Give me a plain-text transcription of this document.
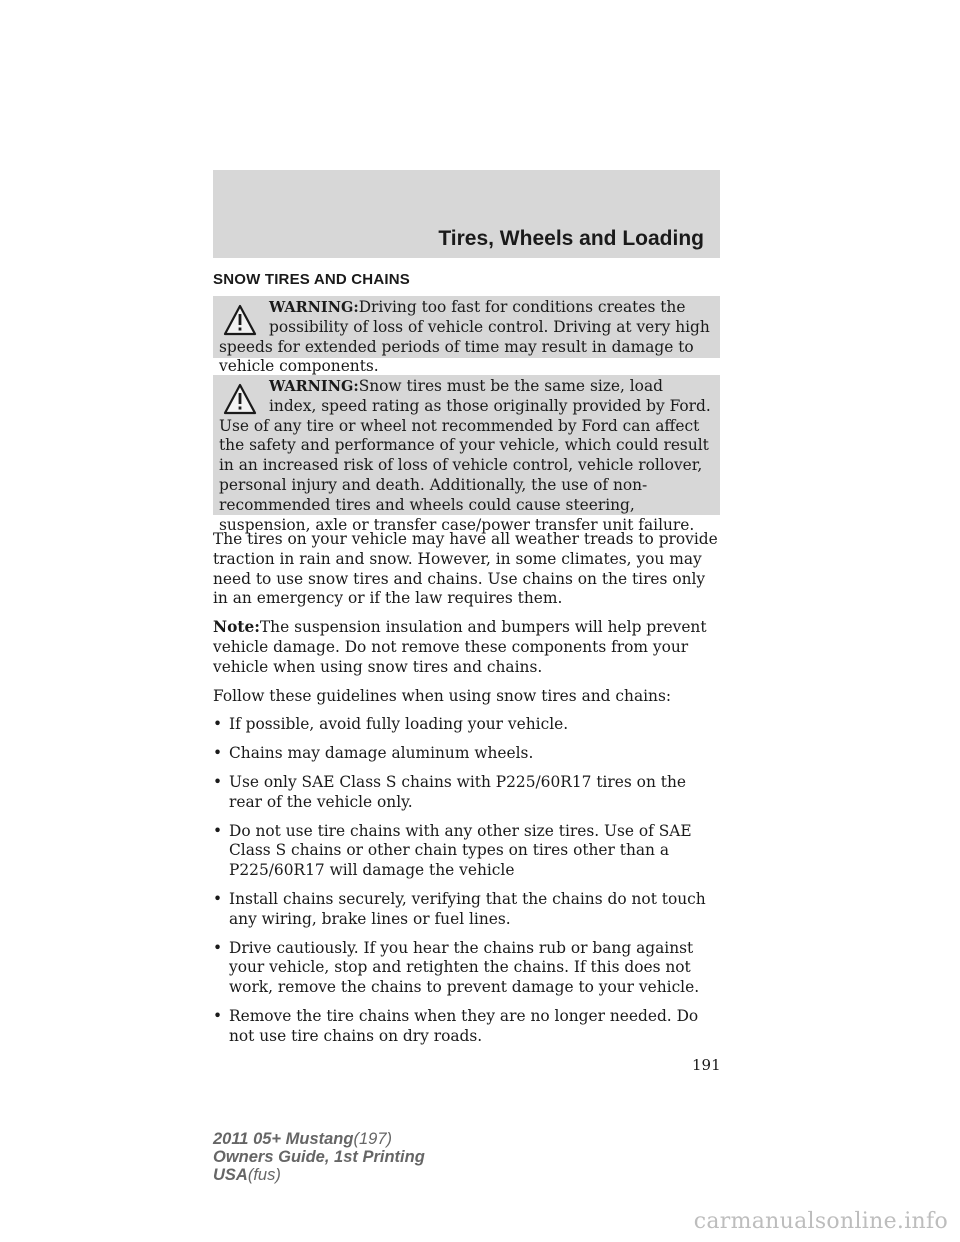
Tires, Wheels and Loading
SNOW TIRES AND CHAINS
WARNING:Driving too fast for conditions creates the possibility of loss of vehicle control. Driving at very high speeds for extended periods of time may result in damage to vehicle components.
WARNING:Snow tires must be the same size, load index, speed rating as those originally provided by Ford. Use of any tire or wheel not recommended by Ford can affect the safety and performance of your vehicle, which could result in an increased risk of loss of vehicle control, vehicle rollover, personal injury and death. Additionally, the use of non-recommended tires and wheels could cause steering, suspension, axle or transfer case/power transfer unit failure.

The tires on your vehicle may have all weather treads to provide traction in rain and snow. However, in some climates, you may need to use snow tires and chains. Use chains on the tires only in an emergency or if the law requires them.

Note:The suspension insulation and bumpers will help prevent vehicle damage. Do not remove these components from your vehicle when using snow tires and chains.

Follow these guidelines when using snow tires and chains:

• If possible, avoid fully loading your vehicle.
• Chains may damage aluminum wheels.
• Use only SAE Class S chains with P225/60R17 tires on the rear of the vehicle only.
• Do not use tire chains with any other size tires. Use of SAE Class S chains or other chain types on tires other than a P225/60R17 will damage the vehicle
• Install chains securely, verifying that the chains do not touch any wiring, brake lines or fuel lines.
• Drive cautiously. If you hear the chains rub or bang against your vehicle, stop and retighten the chains. If this does not work, remove the chains to prevent damage to your vehicle.
• Remove the tire chains when they are no longer needed. Do not use tire chains on dry roads.
191
2011 05+ Mustang(197)
Owners Guide, 1st Printing
USA(fus)
carmanualsonline.info
